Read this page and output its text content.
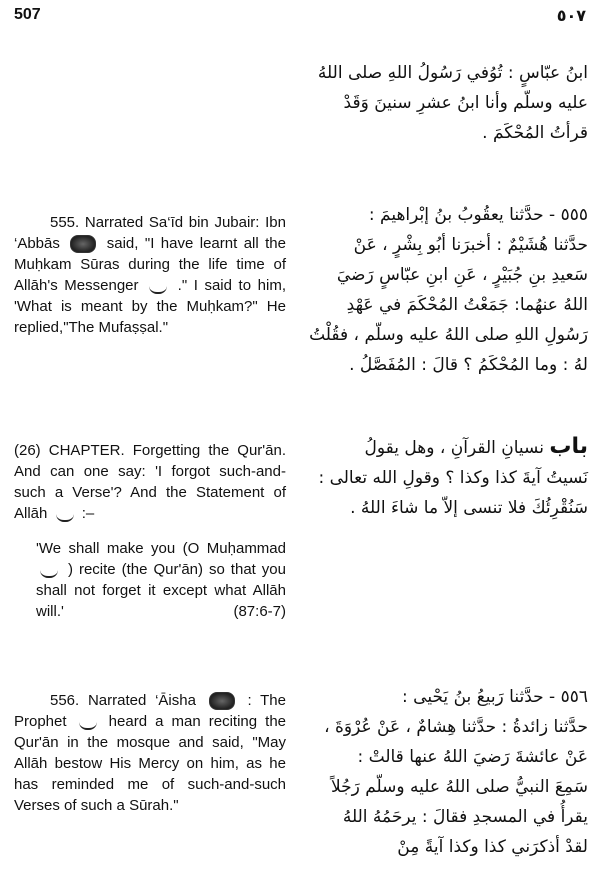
507	٥٠٧

ابنُ عبّاسٍ : تُوُفي رَسُولُ اللهِ صلى اللهُ

عليه وسلّم وأنا ابنُ عشرِ سنينَ وَقَدْ

قرأتُ المُحْكَمَ .

555. Narrated Sa‘īd bin Jubair: Ibn ‘Abbās	said, "I have learnt all the Muḥkam Sūras during the life time of Allāh's Messenger	." I said to him, 'What is meant by the Muḥkam?" He replied,"The Mufaṣṣal."

٥٥٥ - حدَّثنا يعقُوبُ بنُ إبْراهيمَ :

حدَّثنا هُشَيْمٌ : أخبرَنا أبُو بِشْرٍ ، عَنْ

سَعيدِ بنِ جُبَيْرٍ ، عَنِ ابنِ عبّاسٍ رَضيَ

اللهُ عنهُما: جَمَعْتُ المُحْكَمَ في عَهْدِ

رَسُولِ اللهِ صلى اللهُ عليه وسلّم ، فقُلْتُ

لهُ : وما المُحْكَمُ ؟ قالَ : المُفَصَّلُ .

(26) CHAPTER. Forgetting the Qur'ān. And can one say: 'I forgot such-and-such a Verse'? And the Statement of Allāh :–

'We shall make you (O Muḥammad  ) recite (the Qur'ān) so that you shall not forget it except what Allāh will.'	(87:6-7)

باب نسيانِ القرآنِ ، وهل يقولُ

نَسيتُ آيةَ كذا وكذا ؟ وقولِ الله تعالى :

سَنُقْرِئُكَ فلا تنسى إلاّ ما شاءَ اللهُ .

556. Narrated ‘Āisha	: The Prophet	heard a man reciting the Qur'ān in the mosque and said, "May Allāh bestow His Mercy on him, as he has reminded me of such-and-such Verses of such a Sūrah."

٥٥٦ - حدَّثنا رَبيعُ بنُ يَحْيى :

حدَّثنا زائدةُ : حدَّثنا هِشامٌ ، عَنْ عُرْوَةَ ،

عَنْ عائشةَ رَضيَ اللهُ عنها قالتْ :

سَمِعَ النبيُّ صلى اللهُ عليه وسلّم رَجُلاً

يقرأُ في المسجدِ فقالَ : يرحَمُهُ اللهُ

لقدْ أذكرَني كذا وكذا آيةً مِنْ
